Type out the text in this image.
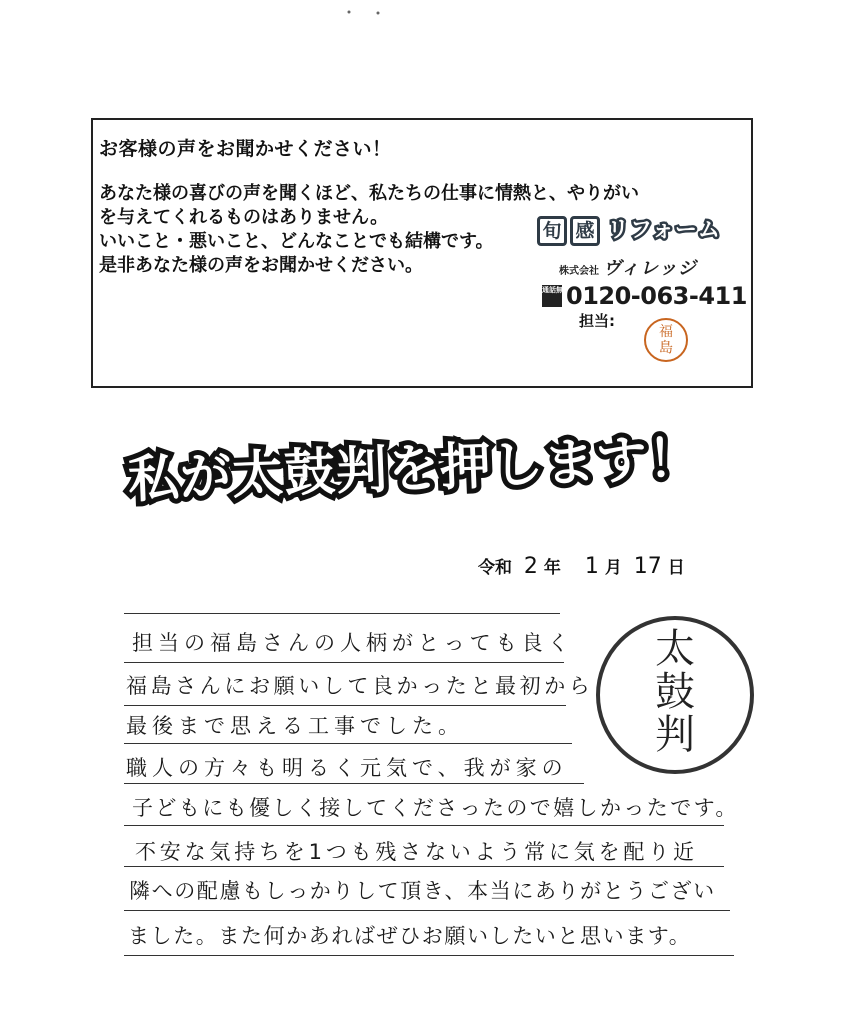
お客様の声をお聞かせください！
あなた様の喜びの声を聞くほど、私たちの仕事に情熱と、やりがい
を与えてくれるものはありません。
いいこと・悪いこと、どんなことでも結構です。
是非あなた様の声をお聞かせください。
旬 感 リフォーム
株式会社 ヴィレッジ
通話無料0120-063-411
担当:
福
島
私が太鼓判を押します！
令和 2 年 1 月 17 日
担当の福島さんの人柄がとっても良く
福島さんにお願いして良かったと最初から
最後まで思える工事でした。
職人の方々も明るく元気で、我が家の
子どもにも優しく接してくださったので嬉しかったです。
不安な気持ちを1つも残さないよう常に気を配り近
隣への配慮もしっかりして頂き、本当にありがとうござい
ました。また何かあればぜひお願いしたいと思います。
太
鼓
判
